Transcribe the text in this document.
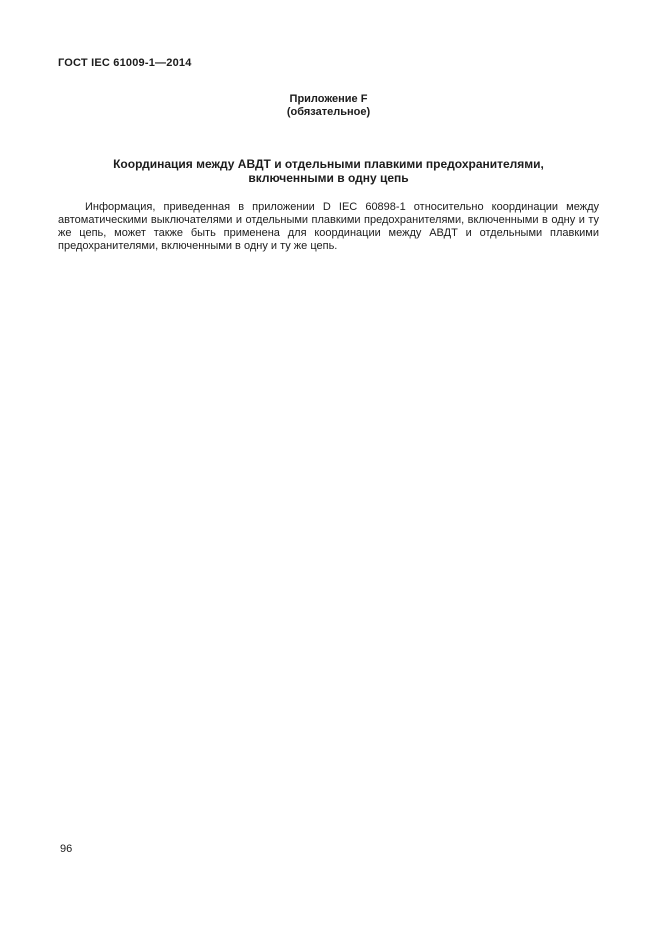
ГОСТ IEC 61009-1—2014
Приложение F
(обязательное)
Координация между АВДТ и отдельными плавкими предохранителями,
включенными в одну цепь

Информация, приведенная в приложении D IEC 60898-1 относительно координации между автоматическими выключателями и отдельными плавкими предохранителями, включенными в одну и ту же цепь, может также быть применена для координации между АВДТ и отдельными плавкими предохранителями, включенными в одну и ту же цепь.

96
